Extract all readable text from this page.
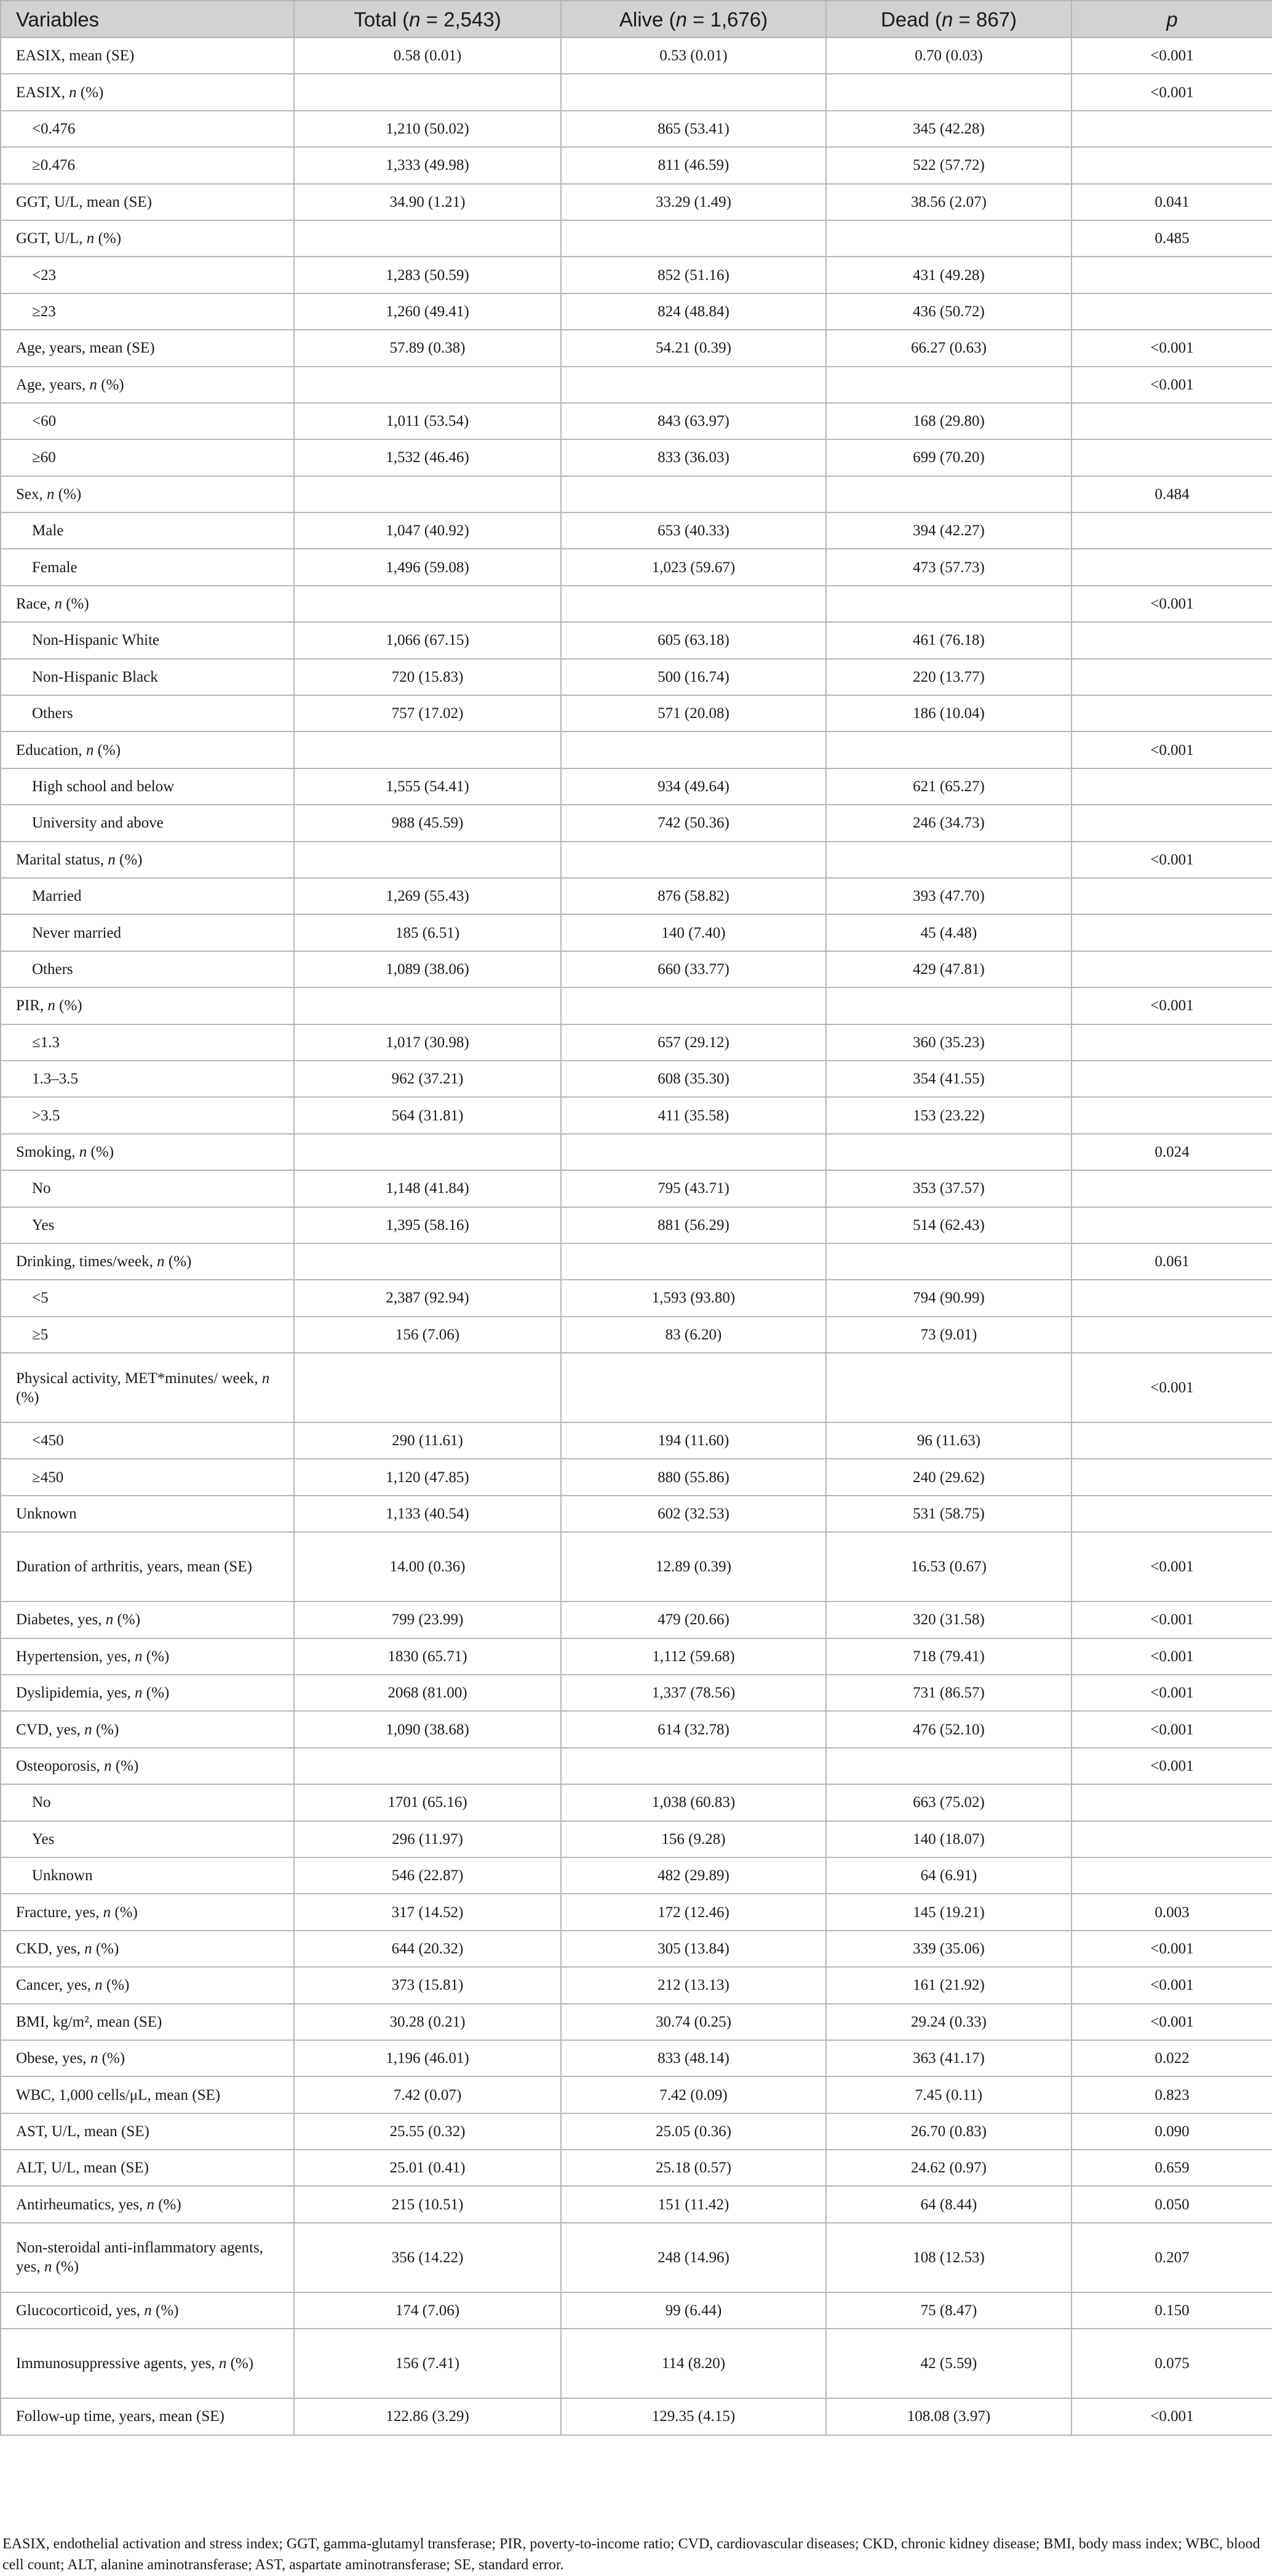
Variables	Total (n = 2,543)	Alive (n = 1,676)	Dead (n = 867)	p
EASIX, mean (SE)	0.58 (0.01)	0.53 (0.01)	0.70 (0.03)	<0.001
EASIX, n (%)				<0.001
<0.476	1,210 (50.02)	865 (53.41)	345 (42.28)	
≥0.476	1,333 (49.98)	811 (46.59)	522 (57.72)	
GGT, U/L, mean (SE)	34.90 (1.21)	33.29 (1.49)	38.56 (2.07)	0.041
GGT, U/L, n (%)				0.485
<23	1,283 (50.59)	852 (51.16)	431 (49.28)	
≥23	1,260 (49.41)	824 (48.84)	436 (50.72)	
Age, years, mean (SE)	57.89 (0.38)	54.21 (0.39)	66.27 (0.63)	<0.001
Age, years, n (%)				<0.001
<60	1,011 (53.54)	843 (63.97)	168 (29.80)	
≥60	1,532 (46.46)	833 (36.03)	699 (70.20)	
Sex, n (%)				0.484
Male	1,047 (40.92)	653 (40.33)	394 (42.27)	
Female	1,496 (59.08)	1,023 (59.67)	473 (57.73)	
Race, n (%)				<0.001
Non-Hispanic White	1,066 (67.15)	605 (63.18)	461 (76.18)	
Non-Hispanic Black	720 (15.83)	500 (16.74)	220 (13.77)	
Others	757 (17.02)	571 (20.08)	186 (10.04)	
Education, n (%)				<0.001
High school and below	1,555 (54.41)	934 (49.64)	621 (65.27)	
University and above	988 (45.59)	742 (50.36)	246 (34.73)	
Marital status, n (%)				<0.001
Married	1,269 (55.43)	876 (58.82)	393 (47.70)	
Never married	185 (6.51)	140 (7.40)	45 (4.48)	
Others	1,089 (38.06)	660 (33.77)	429 (47.81)	
PIR, n (%)				<0.001
≤1.3	1,017 (30.98)	657 (29.12)	360 (35.23)	
1.3–3.5	962 (37.21)	608 (35.30)	354 (41.55)	
>3.5	564 (31.81)	411 (35.58)	153 (23.22)	
Smoking, n (%)				0.024
No	1,148 (41.84)	795 (43.71)	353 (37.57)	
Yes	1,395 (58.16)	881 (56.29)	514 (62.43)	
Drinking, times/week, n (%)				0.061
<5	2,387 (92.94)	1,593 (93.80)	794 (90.99)	
≥5	156 (7.06)	83 (6.20)	73 (9.01)	
Physical activity, MET*minutes/ week, n (%)				<0.001
<450	290 (11.61)	194 (11.60)	96 (11.63)	
≥450	1,120 (47.85)	880 (55.86)	240 (29.62)	
Unknown	1,133 (40.54)	602 (32.53)	531 (58.75)	
Duration of arthritis, years, mean (SE)	14.00 (0.36)	12.89 (0.39)	16.53 (0.67)	<0.001
Diabetes, yes, n (%)	799 (23.99)	479 (20.66)	320 (31.58)	<0.001
Hypertension, yes, n (%)	1830 (65.71)	1,112 (59.68)	718 (79.41)	<0.001
Dyslipidemia, yes, n (%)	2068 (81.00)	1,337 (78.56)	731 (86.57)	<0.001
CVD, yes, n (%)	1,090 (38.68)	614 (32.78)	476 (52.10)	<0.001
Osteoporosis, n (%)				<0.001
No	1701 (65.16)	1,038 (60.83)	663 (75.02)	
Yes	296 (11.97)	156 (9.28)	140 (18.07)	
Unknown	546 (22.87)	482 (29.89)	64 (6.91)	
Fracture, yes, n (%)	317 (14.52)	172 (12.46)	145 (19.21)	0.003
CKD, yes, n (%)	644 (20.32)	305 (13.84)	339 (35.06)	<0.001
Cancer, yes, n (%)	373 (15.81)	212 (13.13)	161 (21.92)	<0.001
BMI, kg/m², mean (SE)	30.28 (0.21)	30.74 (0.25)	29.24 (0.33)	<0.001
Obese, yes, n (%)	1,196 (46.01)	833 (48.14)	363 (41.17)	0.022
WBC, 1,000 cells/μL, mean (SE)	7.42 (0.07)	7.42 (0.09)	7.45 (0.11)	0.823
AST, U/L, mean (SE)	25.55 (0.32)	25.05 (0.36)	26.70 (0.83)	0.090
ALT, U/L, mean (SE)	25.01 (0.41)	25.18 (0.57)	24.62 (0.97)	0.659
Antirheumatics, yes, n (%)	215 (10.51)	151 (11.42)	64 (8.44)	0.050
Non-steroidal anti-inflammatory agents, yes, n (%)	356 (14.22)	248 (14.96)	108 (12.53)	0.207
Glucocorticoid, yes, n (%)	174 (7.06)	99 (6.44)	75 (8.47)	0.150
Immunosuppressive agents, yes, n (%)	156 (7.41)	114 (8.20)	42 (5.59)	0.075
Follow-up time, years, mean (SE)	122.86 (3.29)	129.35 (4.15)	108.08 (3.97)	<0.001
EASIX, endothelial activation and stress index; GGT, gamma-glutamyl transferase; PIR, poverty-to-income ratio; CVD, cardiovascular diseases; CKD, chronic kidney disease; BMI, body mass index; WBC, blood cell count; ALT, alanine aminotransferase; AST, aspartate aminotransferase; SE, standard error.
